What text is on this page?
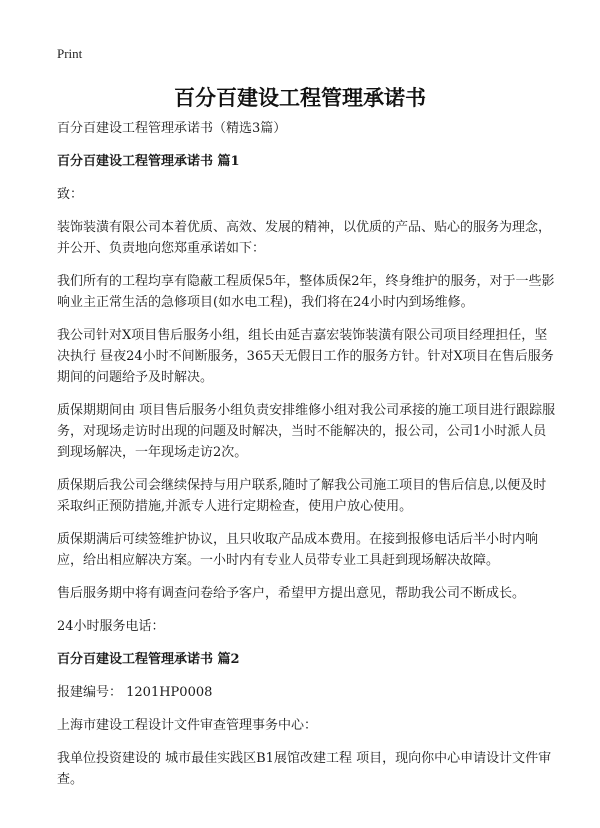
Print
百分百建设工程管理承诺书

百分百建设工程管理承诺书（精选3篇）

百分百建设工程管理承诺书 篇1

致：

装饰装潢有限公司本着优质、高效、发展的精神，以优质的产品、贴心的服务为理念，并公开、负责地向您郑重承诺如下：

我们所有的工程均享有隐蔽工程质保5年，整体质保2年，终身维护的服务，对于一些影响业主正常生活的急修项目(如水电工程)，我们将在24小时内到场维修。

我公司针对X项目售后服务小组，组长由延吉嘉宏装饰装潢有限公司项目经理担任，坚决执行 昼夜24小时不间断服务，365天无假日工作的服务方针。针对X项目在售后服务期间的问题给予及时解决。

质保期期间由 项目售后服务小组负责安排维修小组对我公司承接的施工项目进行跟踪服务，对现场走访时出现的问题及时解决，当时不能解决的，报公司，公司1小时派人员到现场解决，一年现场走访2次。

质保期后我公司会继续保持与用户联系,随时了解我公司施工项目的售后信息,以便及时采取纠正预防措施,并派专人进行定期检查，使用户放心使用。

质保期满后可续签维护协议，且只收取产品成本费用。在接到报修电话后半小时内响应，给出相应解决方案。一小时内有专业人员带专业工具赶到现场解决故障。

售后服务期中将有调查问卷给予客户，希望甲方提出意见，帮助我公司不断成长。

24小时服务电话：

百分百建设工程管理承诺书 篇2

报建编号： 1201HP0008

上海市建设工程设计文件审查管理事务中心：

我单位投资建设的 城市最佳实践区B1展馆改建工程 项目，现向你中心申请设计文件审查。
